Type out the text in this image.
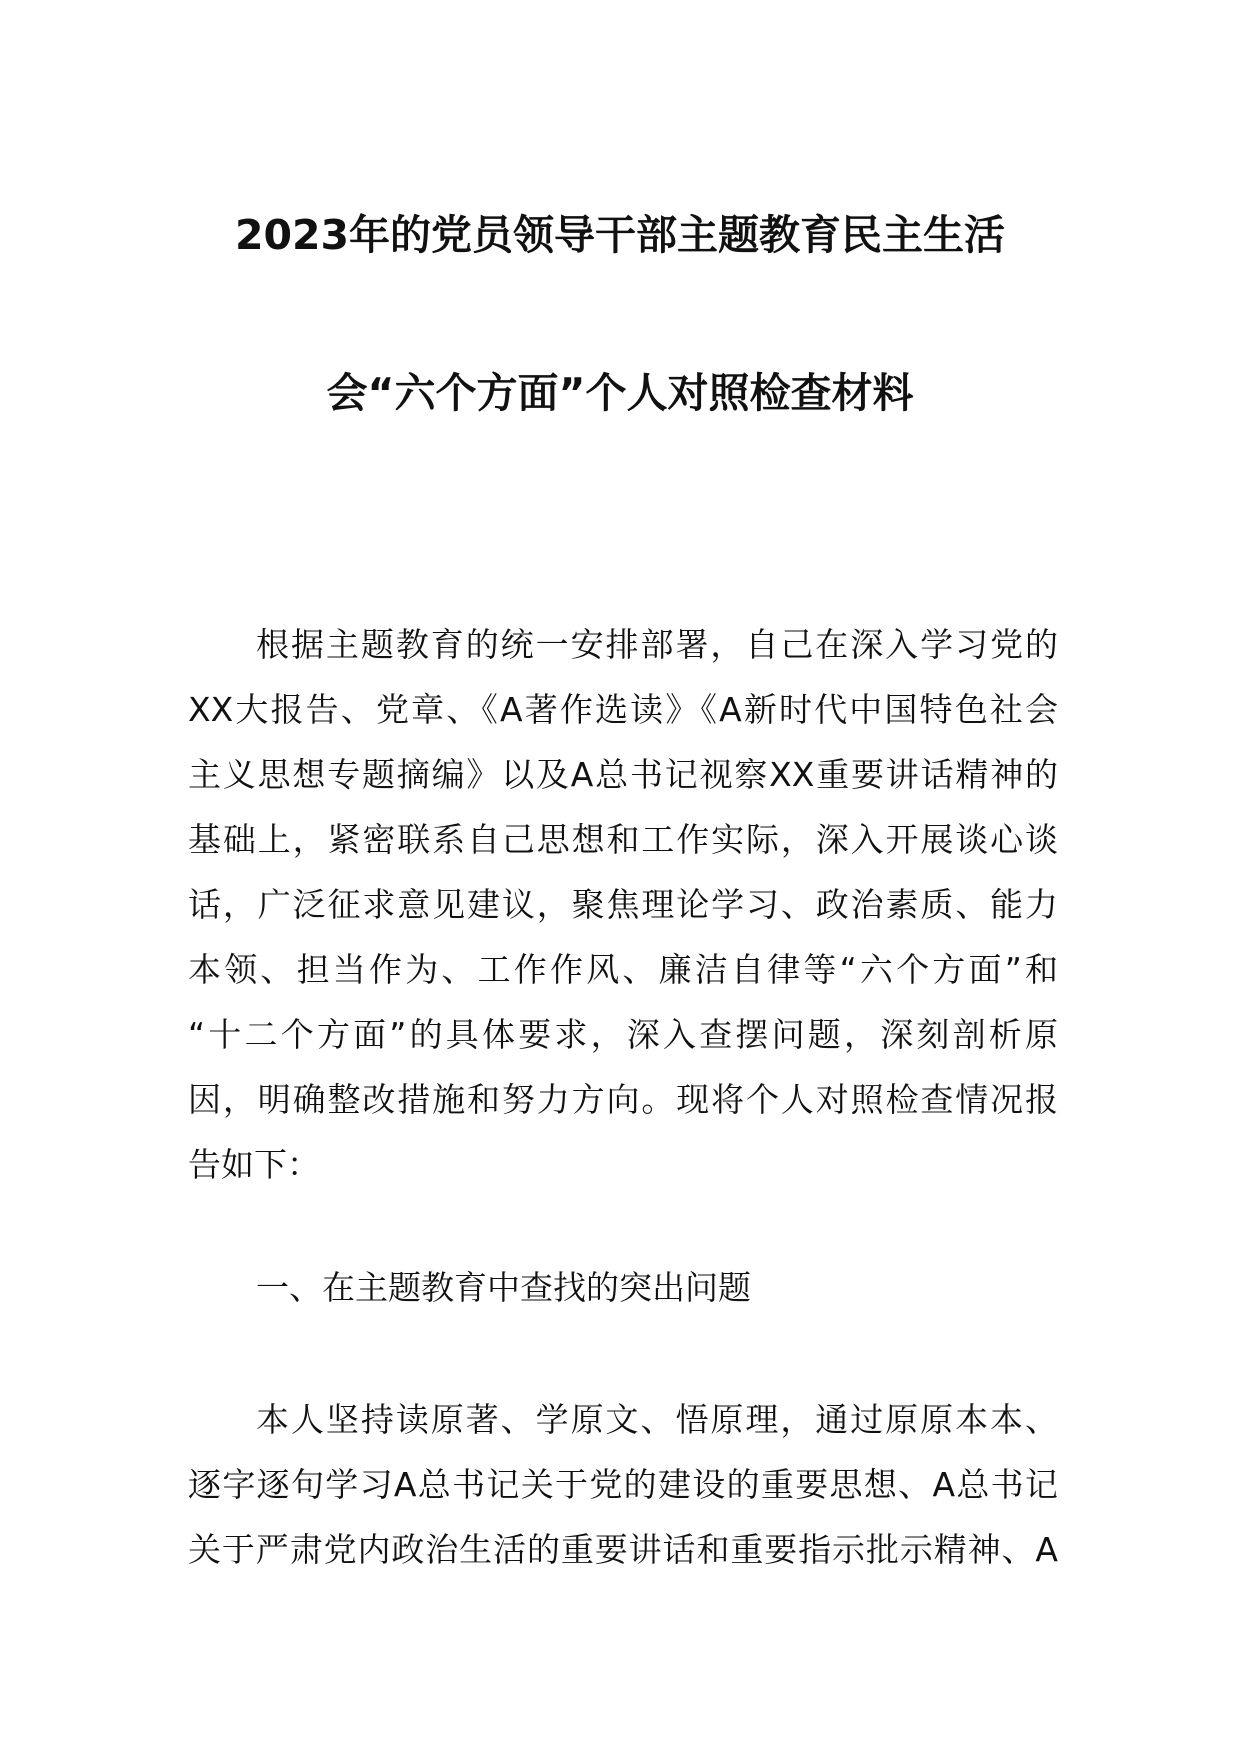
2023年的党员领导干部主题教育民主生活
会“六个方面”个人对照检查材料
根据主题教育的统一安排部署，自己在深入学习党的
XX大报告、党章、《A著作选读》《A新时代中国特色社会
主义思想专题摘编》以及A总书记视察XX重要讲话精神的
基础上，紧密联系自己思想和工作实际，深入开展谈心谈
话，广泛征求意见建议，聚焦理论学习、政治素质、能力
本领、担当作为、工作作风、廉洁自律等“六个方面”和
“十二个方面”的具体要求，深入查摆问题，深刻剖析原
因，明确整改措施和努力方向。现将个人对照检查情况报
告如下：
一、在主题教育中查找的突出问题
本人坚持读原著、学原文、悟原理，通过原原本本、
逐字逐句学习A总书记关于党的建设的重要思想、A总书记
关于严肃党内政治生活的重要讲话和重要指示批示精神、A
